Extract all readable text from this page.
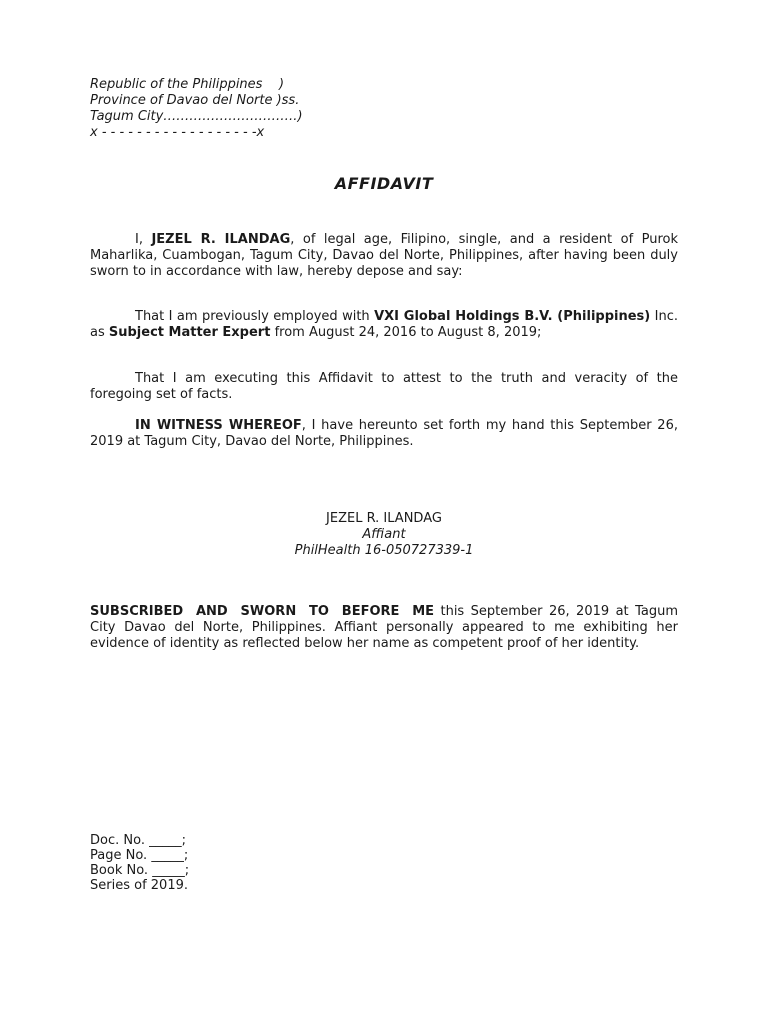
Republic of the Philippines    )
Province of Davao del Norte )ss.
Tagum City………………………….)
x - - - - - - - - - - - - - - - - - -x
AFFIDAVIT
I, JEZEL R. ILANDAG, of legal age, Filipino, single, and a resident of Purok Maharlika, Cuambogan, Tagum City, Davao del Norte, Philippines, after having been duly sworn to in accordance with law, hereby depose and say:
That I am previously employed with VXI Global Holdings B.V. (Philippines) Inc. as Subject Matter Expert from August 24, 2016 to August 8, 2019;
That I am executing this Affidavit to attest to the truth and veracity of the foregoing set of facts.
IN WITNESS WHEREOF, I have hereunto set forth my hand this September 26, 2019 at Tagum City, Davao del Norte, Philippines.
JEZEL R. ILANDAG
Affiant
PhilHealth 16-050727339-1
SUBSCRIBED AND SWORN TO BEFORE ME this September 26, 2019 at Tagum City Davao del Norte, Philippines. Affiant personally appeared to me exhibiting her evidence of identity as reflected below her name as competent proof of her identity.
Doc. No. _____;
Page No. _____;
Book No. _____;
Series of 2019.
